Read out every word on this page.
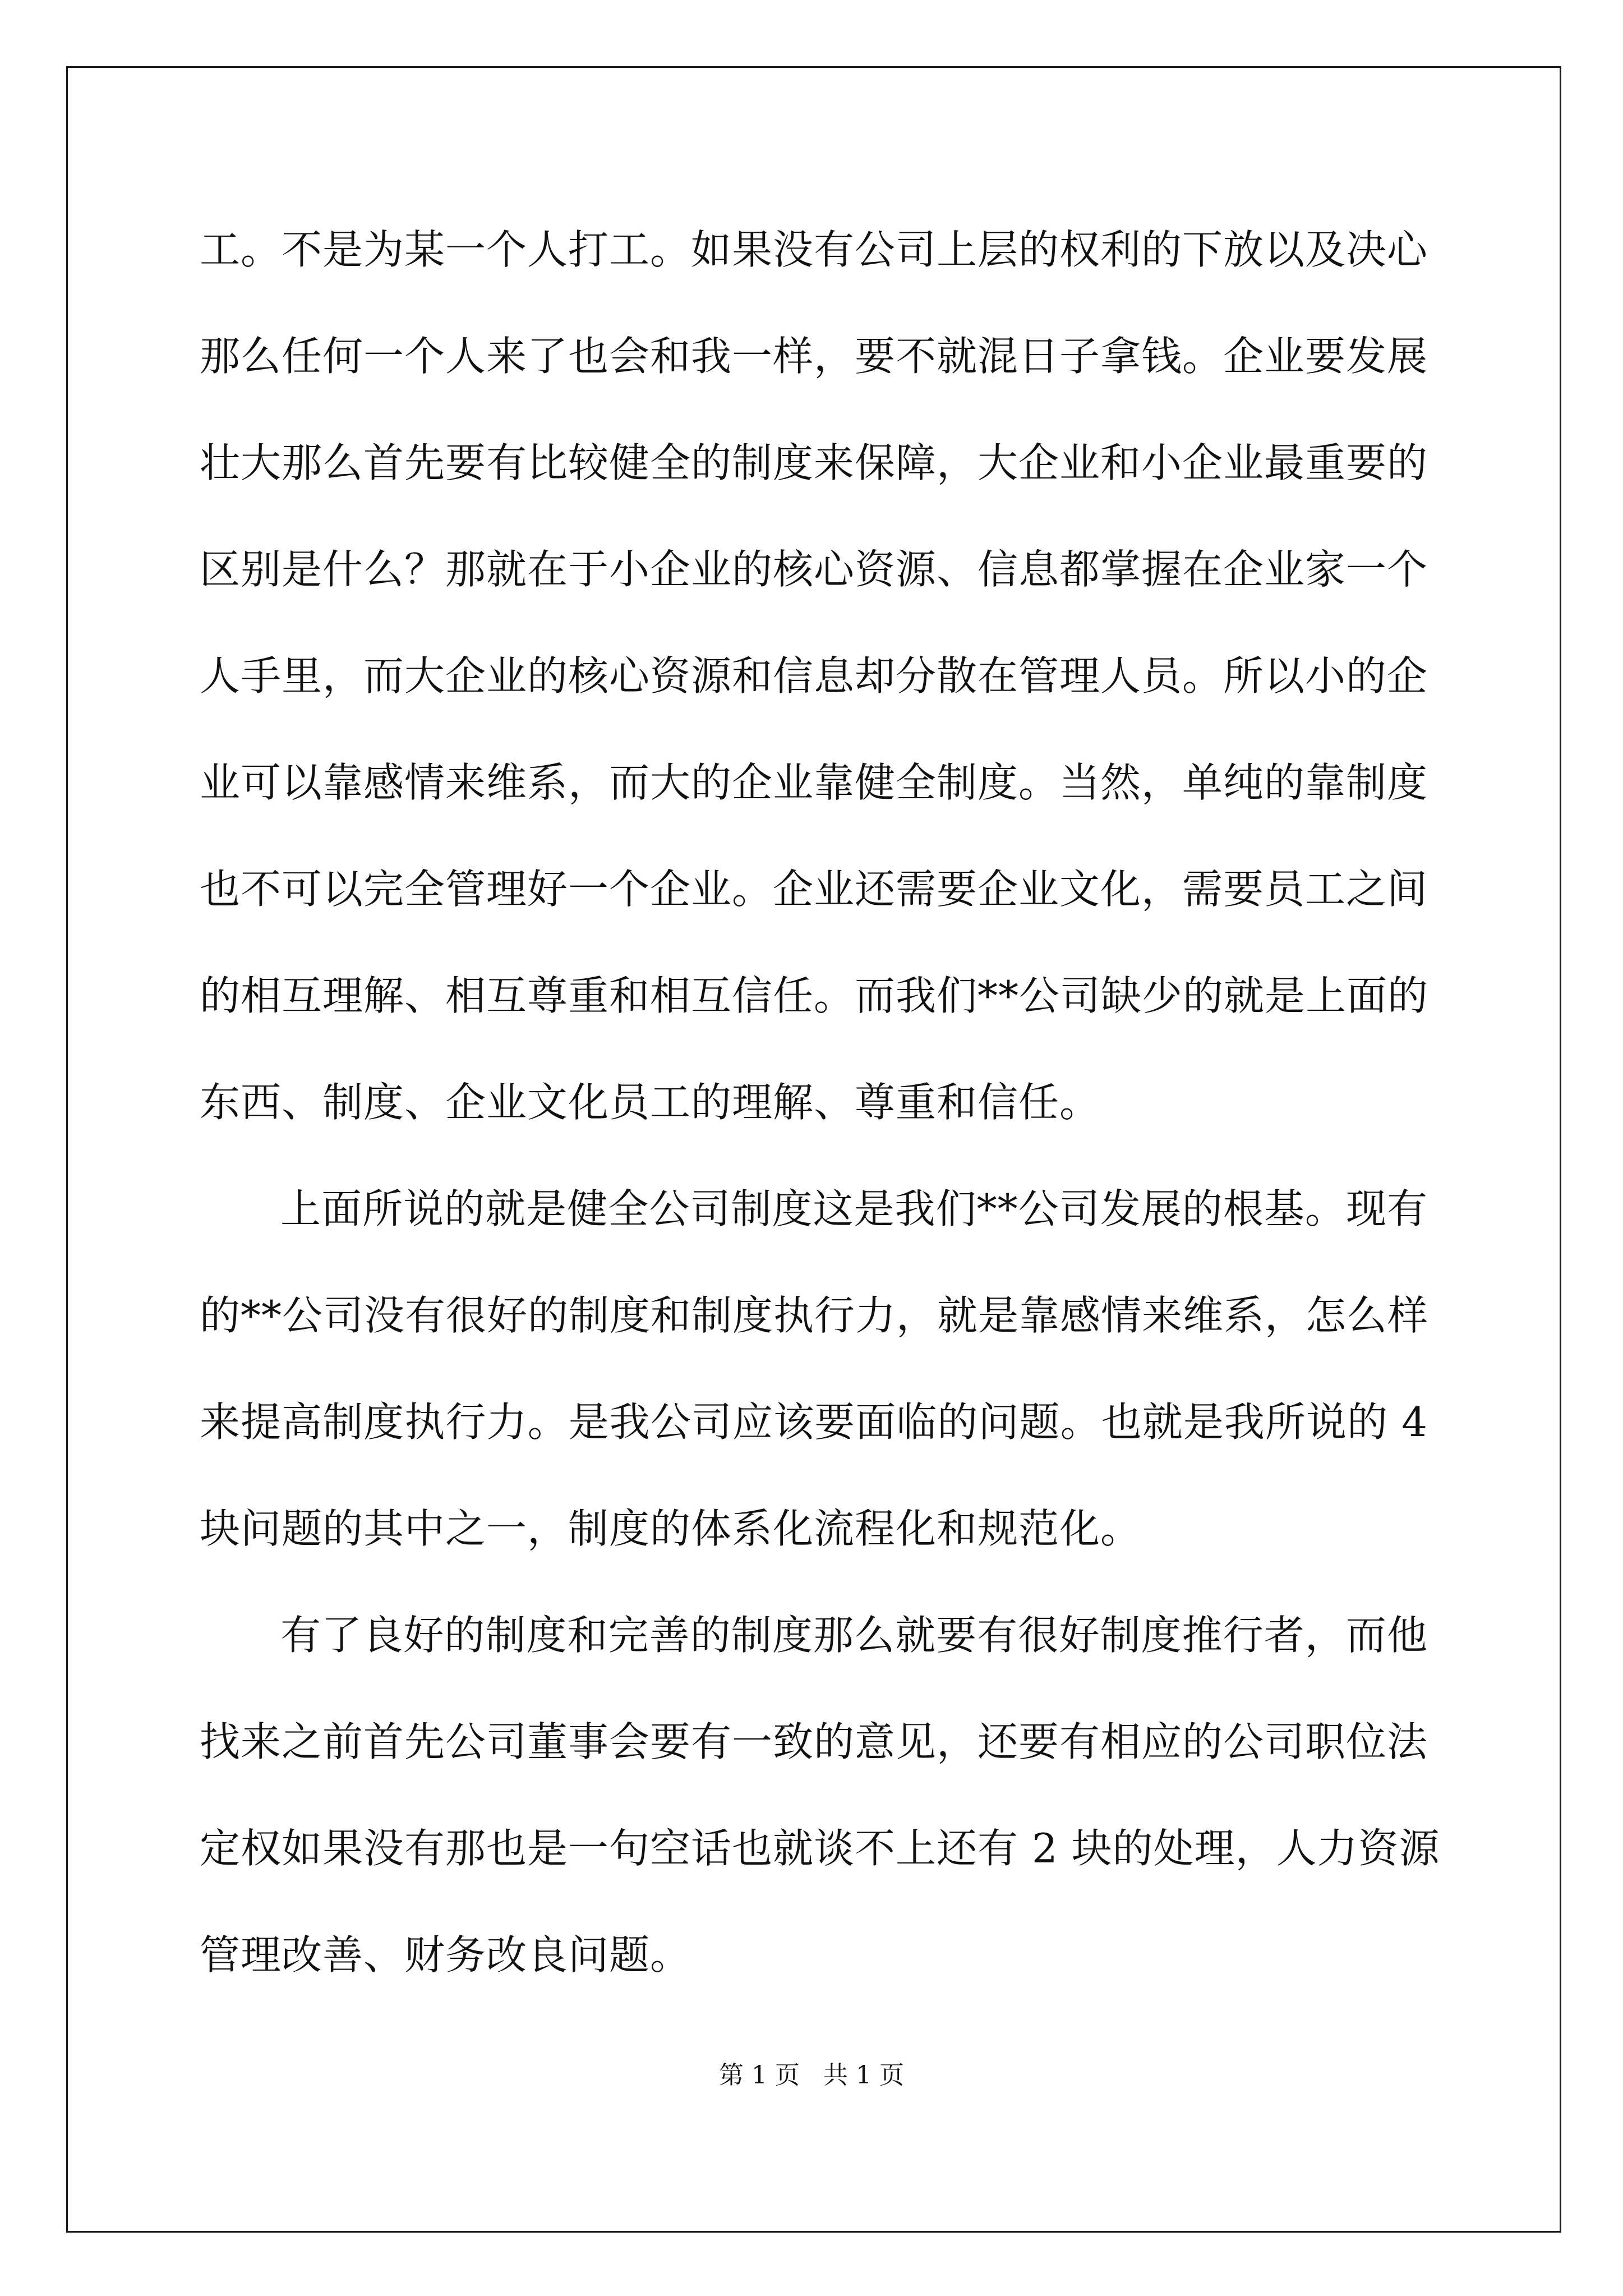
工。不是为某一个人打工。如果没有公司上层的权利的下放以及决心
那么任何一个人来了也会和我一样，要不就混日子拿钱。企业要发展
壮大那么首先要有比较健全的制度来保障，大企业和小企业最重要的
区别是什么？那就在于小企业的核心资源、信息都掌握在企业家一个
人手里，而大企业的核心资源和信息却分散在管理人员。所以小的企
业可以靠感情来维系，而大的企业靠健全制度。当然，单纯的靠制度
也不可以完全管理好一个企业。企业还需要企业文化，需要员工之间
的相互理解、相互尊重和相互信任。而我们**公司缺少的就是上面的
东西、制度、企业文化员工的理解、尊重和信任。
上面所说的就是健全公司制度这是我们**公司发展的根基。现有
的**公司没有很好的制度和制度执行力，就是靠感情来维系，怎么样
来提高制度执行力。是我公司应该要面临的问题。也就是我所说的 4
块问题的其中之一，制度的体系化流程化和规范化。
有了良好的制度和完善的制度那么就要有很好制度推行者，而他
找来之前首先公司董事会要有一致的意见，还要有相应的公司职位法
定权如果没有那也是一句空话也就谈不上还有 2 块的处理，人力资源
管理改善、财务改良问题。
第 1 页   共 1 页
